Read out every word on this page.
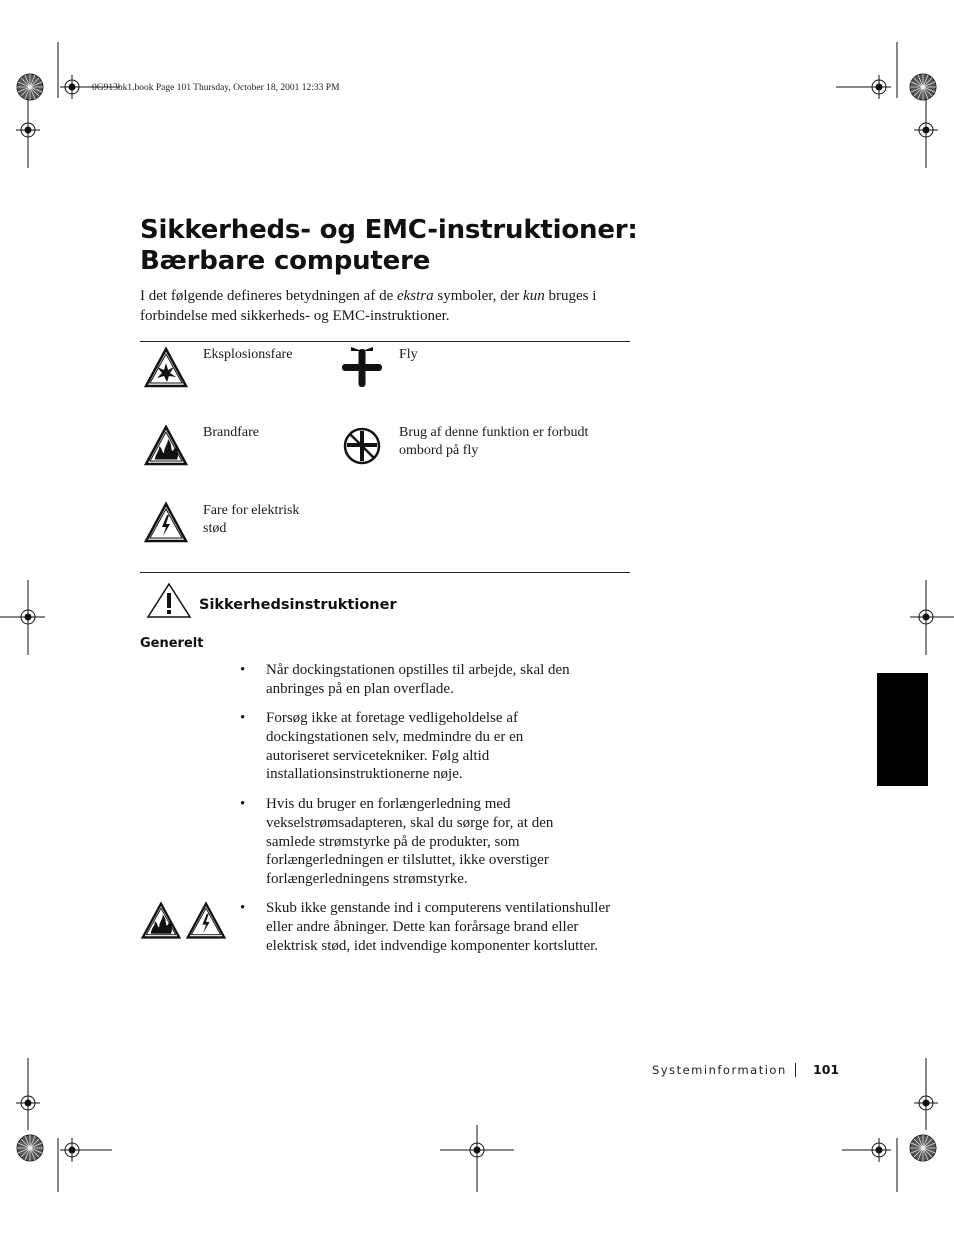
0G913bk1.book Page 101 Thursday, October 18, 2001 12:33 PM
Sikkerheds- og EMC-instruktioner:
Bærbare computere

I det følgende defineres betydningen af de ekstra symboler, der kun bruges i forbindelse med sikkerheds- og EMC-instruktioner.

Eksplosionsfare	Fly
Brandfare	Brug af denne funktion er forbudt ombord på fly
Fare for elektrisk stød
Sikkerhedsinstruktioner
Generelt
• Når dockingstationen opstilles til arbejde, skal den anbringes på en plan overflade.
• Forsøg ikke at foretage vedligeholdelse af dockingstationen selv, medmindre du er en autoriseret servicetekniker. Følg altid installationsinstruktionerne nøje.
• Hvis du bruger en forlængerledning med vekselstrømsadapteren, skal du sørge for, at den samlede strømstyrke på de produkter, som forlængerledningen er tilsluttet, ikke overstiger forlængerledningens strømstyrke.
• Skub ikke genstande ind i computerens ventilationshuller eller andre åbninger. Dette kan forårsage brand eller elektrisk stød, idet indvendige komponenter kortslutter.
Systeminformation 101
